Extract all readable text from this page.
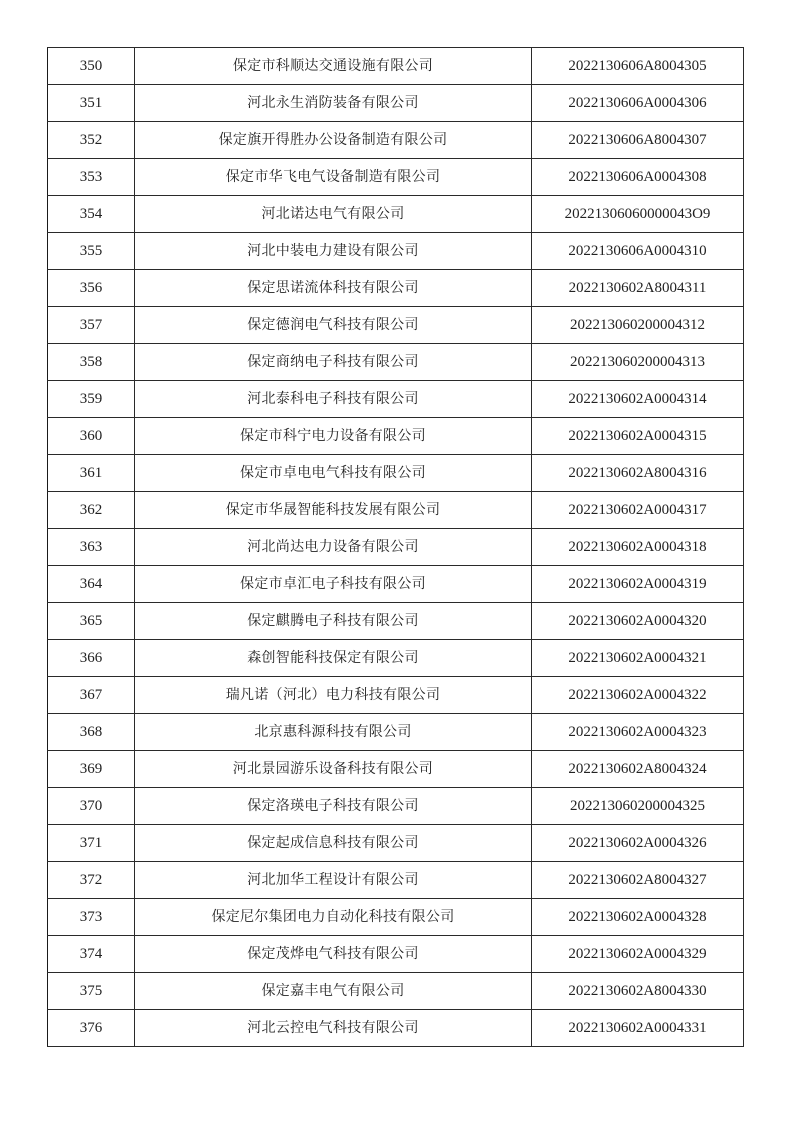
350	保定市科顺达交通设施有限公司	2022130606A8004305
351	河北永生消防装备有限公司	2022130606A0004306
352	保定旗开得胜办公设备制造有限公司	2022130606A8004307
353	保定市华飞电气设备制造有限公司	2022130606A0004308
354	河北诺达电气有限公司	20221306060000043O9
355	河北中装电力建设有限公司	2022130606A0004310
356	保定思诺流体科技有限公司	2022130602A8004311
357	保定德润电气科技有限公司	202213060200004312
358	保定商纳电子科技有限公司	202213060200004313
359	河北泰科电子科技有限公司	2022130602A0004314
360	保定市科宁电力设备有限公司	2022130602A0004315
361	保定市卓电电气科技有限公司	2022130602A8004316
362	保定市华晟智能科技发展有限公司	2022130602A0004317
363	河北尚达电力设备有限公司	2022130602A0004318
364	保定市卓汇电子科技有限公司	2022130602A0004319
365	保定麒腾电子科技有限公司	2022130602A0004320
366	森创智能科技保定有限公司	2022130602A0004321
367	瑞凡诺（河北）电力科技有限公司	2022130602A0004322
368	北京惠科源科技有限公司	2022130602A0004323
369	河北景园游乐设备科技有限公司	2022130602A8004324
370	保定洛瑛电子科技有限公司	202213060200004325
371	保定起成信息科技有限公司	2022130602A0004326
372	河北加华工程设计有限公司	2022130602A8004327
373	保定尼尔集团电力自动化科技有限公司	2022130602A0004328
374	保定茂烨电气科技有限公司	2022130602A0004329
375	保定嘉丰电气有限公司	2022130602A8004330
376	河北云控电气科技有限公司	2022130602A0004331
